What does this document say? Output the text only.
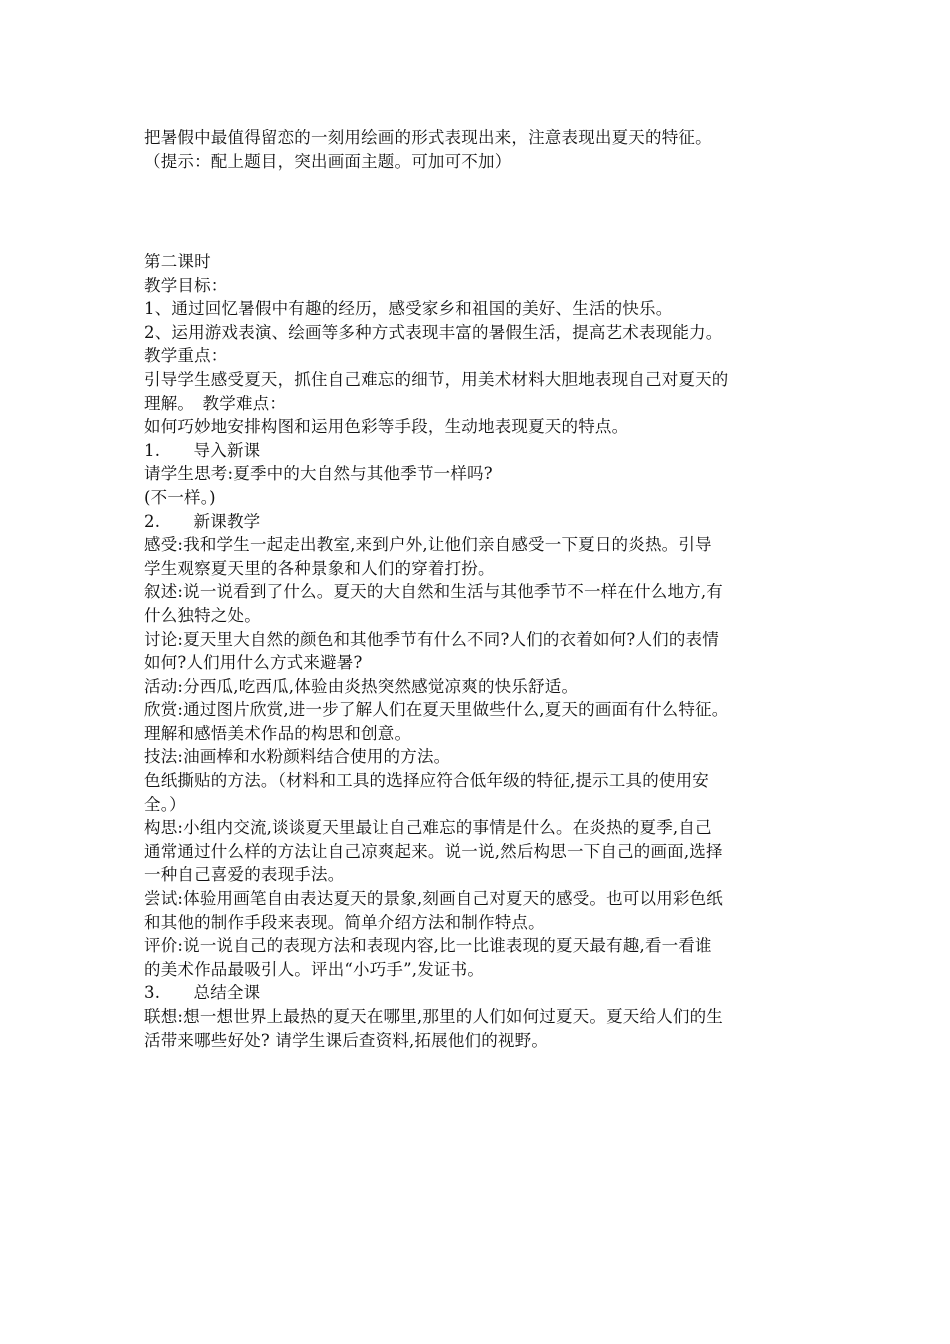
把暑假中最值得留恋的一刻用绘画的形式表现出来，注意表现出夏天的特征。
（提示：配上题目，突出画面主题。可加可不加）
第二课时
教学目标：
1、通过回忆暑假中有趣的经历，感受家乡和祖国的美好、生活的快乐。
2、运用游戏表演、绘画等多种方式表现丰富的暑假生活，提高艺术表现能力。
教学重点：
引导学生感受夏天，抓住自己难忘的细节，用美术材料大胆地表现自己对夏天的
理解。　教学难点：
如何巧妙地安排构图和运用色彩等手段，生动地表现夏天的特点。
1.　　导入新课
请学生思考:夏季中的大自然与其他季节一样吗?
(不一样。)
2.　　新课教学
感受:我和学生一起走出教室,来到户外,让他们亲自感受一下夏日的炎热。引导
学生观察夏天里的各种景象和人们的穿着打扮。
叙述:说一说看到了什么。夏天的大自然和生活与其他季节不一样在什么地方,有
什么独特之处。
讨论:夏天里大自然的颜色和其他季节有什么不同?人们的衣着如何?人们的表情
如何?人们用什么方式来避暑?
活动:分西瓜,吃西瓜,体验由炎热突然感觉凉爽的快乐舒适。
欣赏:通过图片欣赏,进一步了解人们在夏天里做些什么,夏天的画面有什么特征。
理解和感悟美术作品的构思和创意。
技法:油画棒和水粉颜料结合使用的方法。
色纸撕贴的方法。（材料和工具的选择应符合低年级的特征,提示工具的使用安
全。）
构思:小组内交流,谈谈夏天里最让自己难忘的事情是什么。在炎热的夏季,自己
通常通过什么样的方法让自己凉爽起来。说一说,然后构思一下自己的画面,选择
一种自己喜爱的表现手法。
尝试:体验用画笔自由表达夏天的景象,刻画自己对夏天的感受。也可以用彩色纸
和其他的制作手段来表现。简单介绍方法和制作特点。
评价:说一说自己的表现方法和表现内容,比一比谁表现的夏天最有趣,看一看谁
的美术作品最吸引人。评出“小巧手”,发证书。
3.　　总结全课
联想:想一想世界上最热的夏天在哪里,那里的人们如何过夏天。夏天给人们的生
活带来哪些好处? 请学生课后查资料,拓展他们的视野。
